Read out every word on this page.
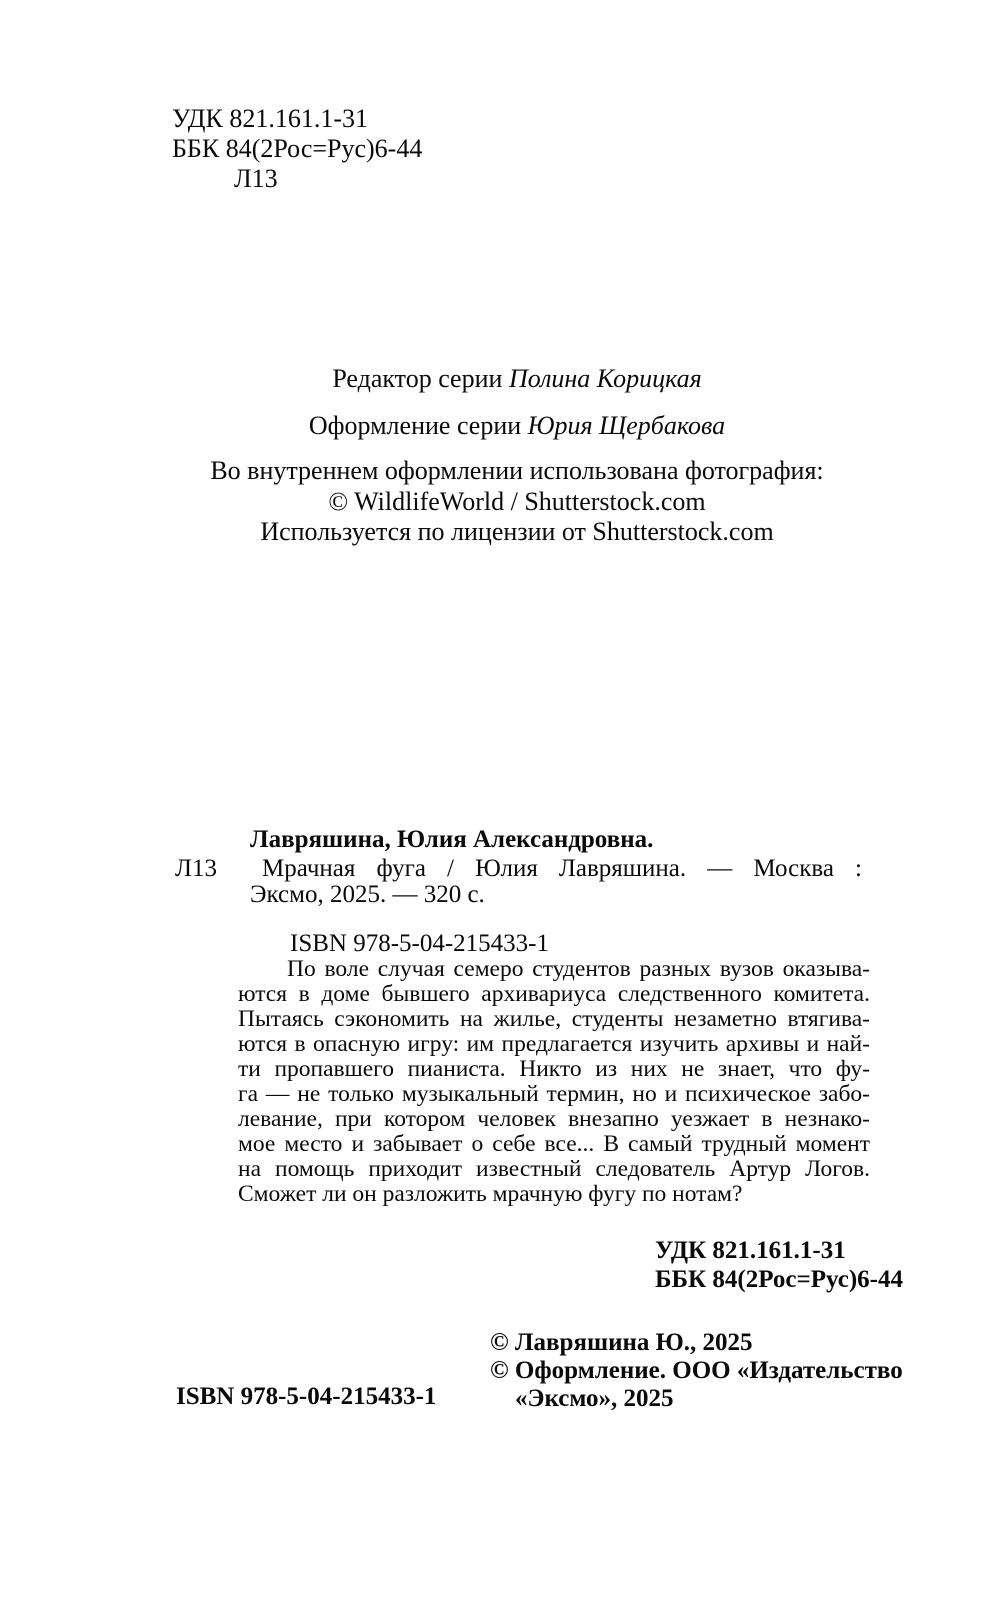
УДК 821.161.1-31
ББК 84(2Рос=Рус)6-44
Л13
Редактор серии Полина Корицкая
Оформление серии Юрия Щербакова
Во внутреннем оформлении использована фотография:
© WildlifeWorld / Shutterstock.com
Используется по лицензии от Shutterstock.com
Лавряшина, Юлия Александровна.
Л13 Мрачная фуга / Юлия Лавряшина. — Москва :
Эксмо, 2025. — 320 с.
ISBN 978-5-04-215433-1
По воле случая семеро студентов разных вузов оказыва-
ются в доме бывшего архивариуса следственного комитета.
Пытаясь сэкономить на жилье, студенты незаметно втягива-
ются в опасную игру: им предлагается изучить архивы и най-
ти пропавшего пианиста. Никто из них не знает, что фу-
га — не только музыкальный термин, но и психическое забо-
левание, при котором человек внезапно уезжает в незнако-
мое место и забывает о себе все... В самый трудный момент
на помощь приходит известный следователь Артур Логов.
Сможет ли он разложить мрачную фугу по нотам?
УДК 821.161.1-31
ББК 84(2Рос=Рус)6-44
© Лавряшина Ю., 2025
© Оформление. ООО «Издательство
«Эксмо», 2025
ISBN 978-5-04-215433-1
